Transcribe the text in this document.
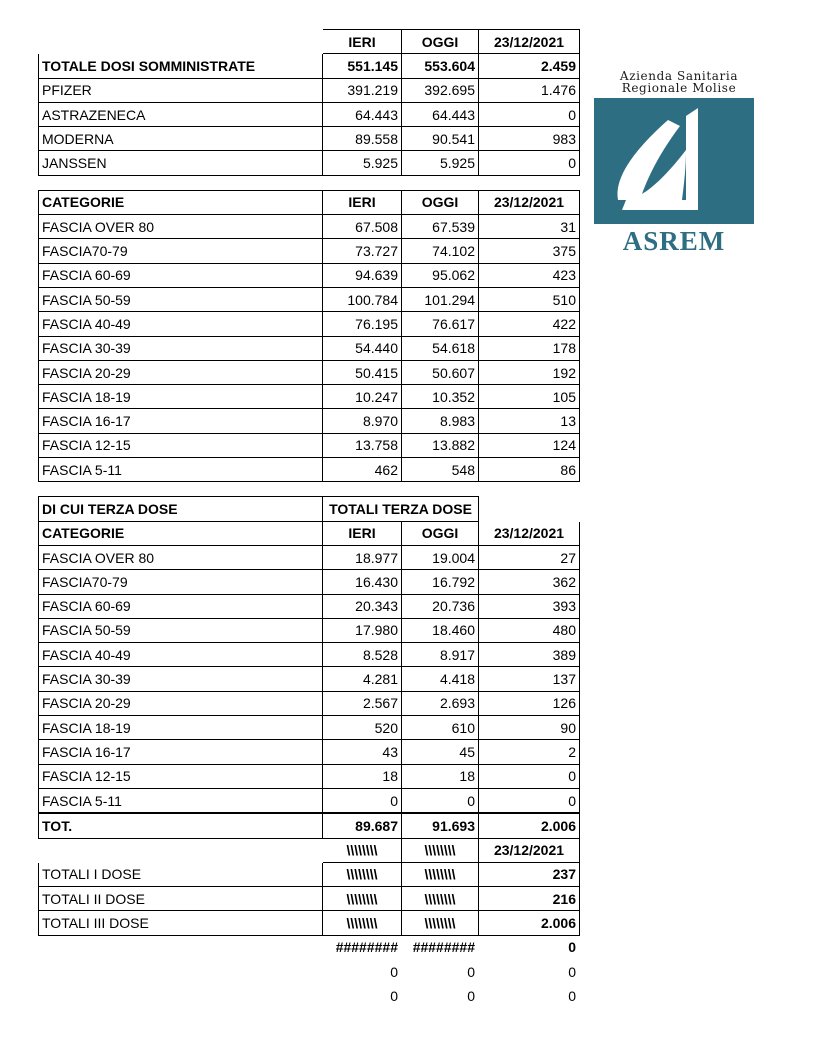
	IERI	OGGI	23/12/2021
TOTALE DOSI SOMMINISTRATE	551.145	553.604	2.459
PFIZER	391.219	392.695	1.476
ASTRAZENECA	64.443	64.443	0
MODERNA	89.558	90.541	983
JANSSEN	5.925	5.925	0

CATEGORIE	IERI	OGGI	23/12/2021
FASCIA OVER 80	67.508	67.539	31
FASCIA70-79	73.727	74.102	375
FASCIA 60-69	94.639	95.062	423
FASCIA 50-59	100.784	101.294	510
FASCIA 40-49	76.195	76.617	422
FASCIA 30-39	54.440	54.618	178
FASCIA 20-29	50.415	50.607	192
FASCIA 18-19	10.247	10.352	105
FASCIA 16-17	8.970	8.983	13
FASCIA 12-15	13.758	13.882	124
FASCIA 5-11	462	548	86

DI CUI TERZA DOSE	TOTALI TERZA DOSE		
CATEGORIE	IERI	OGGI	23/12/2021
FASCIA OVER 80	18.977	19.004	27
FASCIA70-79	16.430	16.792	362
FASCIA 60-69	20.343	20.736	393
FASCIA 50-59	17.980	18.460	480
FASCIA 40-49	8.528	8.917	389
FASCIA 30-39	4.281	4.418	137
FASCIA 20-29	2.567	2.693	126
FASCIA 18-19	520	610	90
FASCIA 16-17	43	45	2
FASCIA 12-15	18	18	0
FASCIA 5-11	0	0	0
TOT.	89.687	91.693	2.006
	\\\\\\\\	\\\\\\\\	23/12/2021
TOTALI I DOSE	\\\\\\\\	\\\\\\\\	237
TOTALI II DOSE	\\\\\\\\	\\\\\\\\	216
TOTALI III DOSE	\\\\\\\\	\\\\\\\\	2.006
	########	########	0
	0	0	0
	0	0	0
Azienda Sanitaria
Regionale Molise
ASREM
